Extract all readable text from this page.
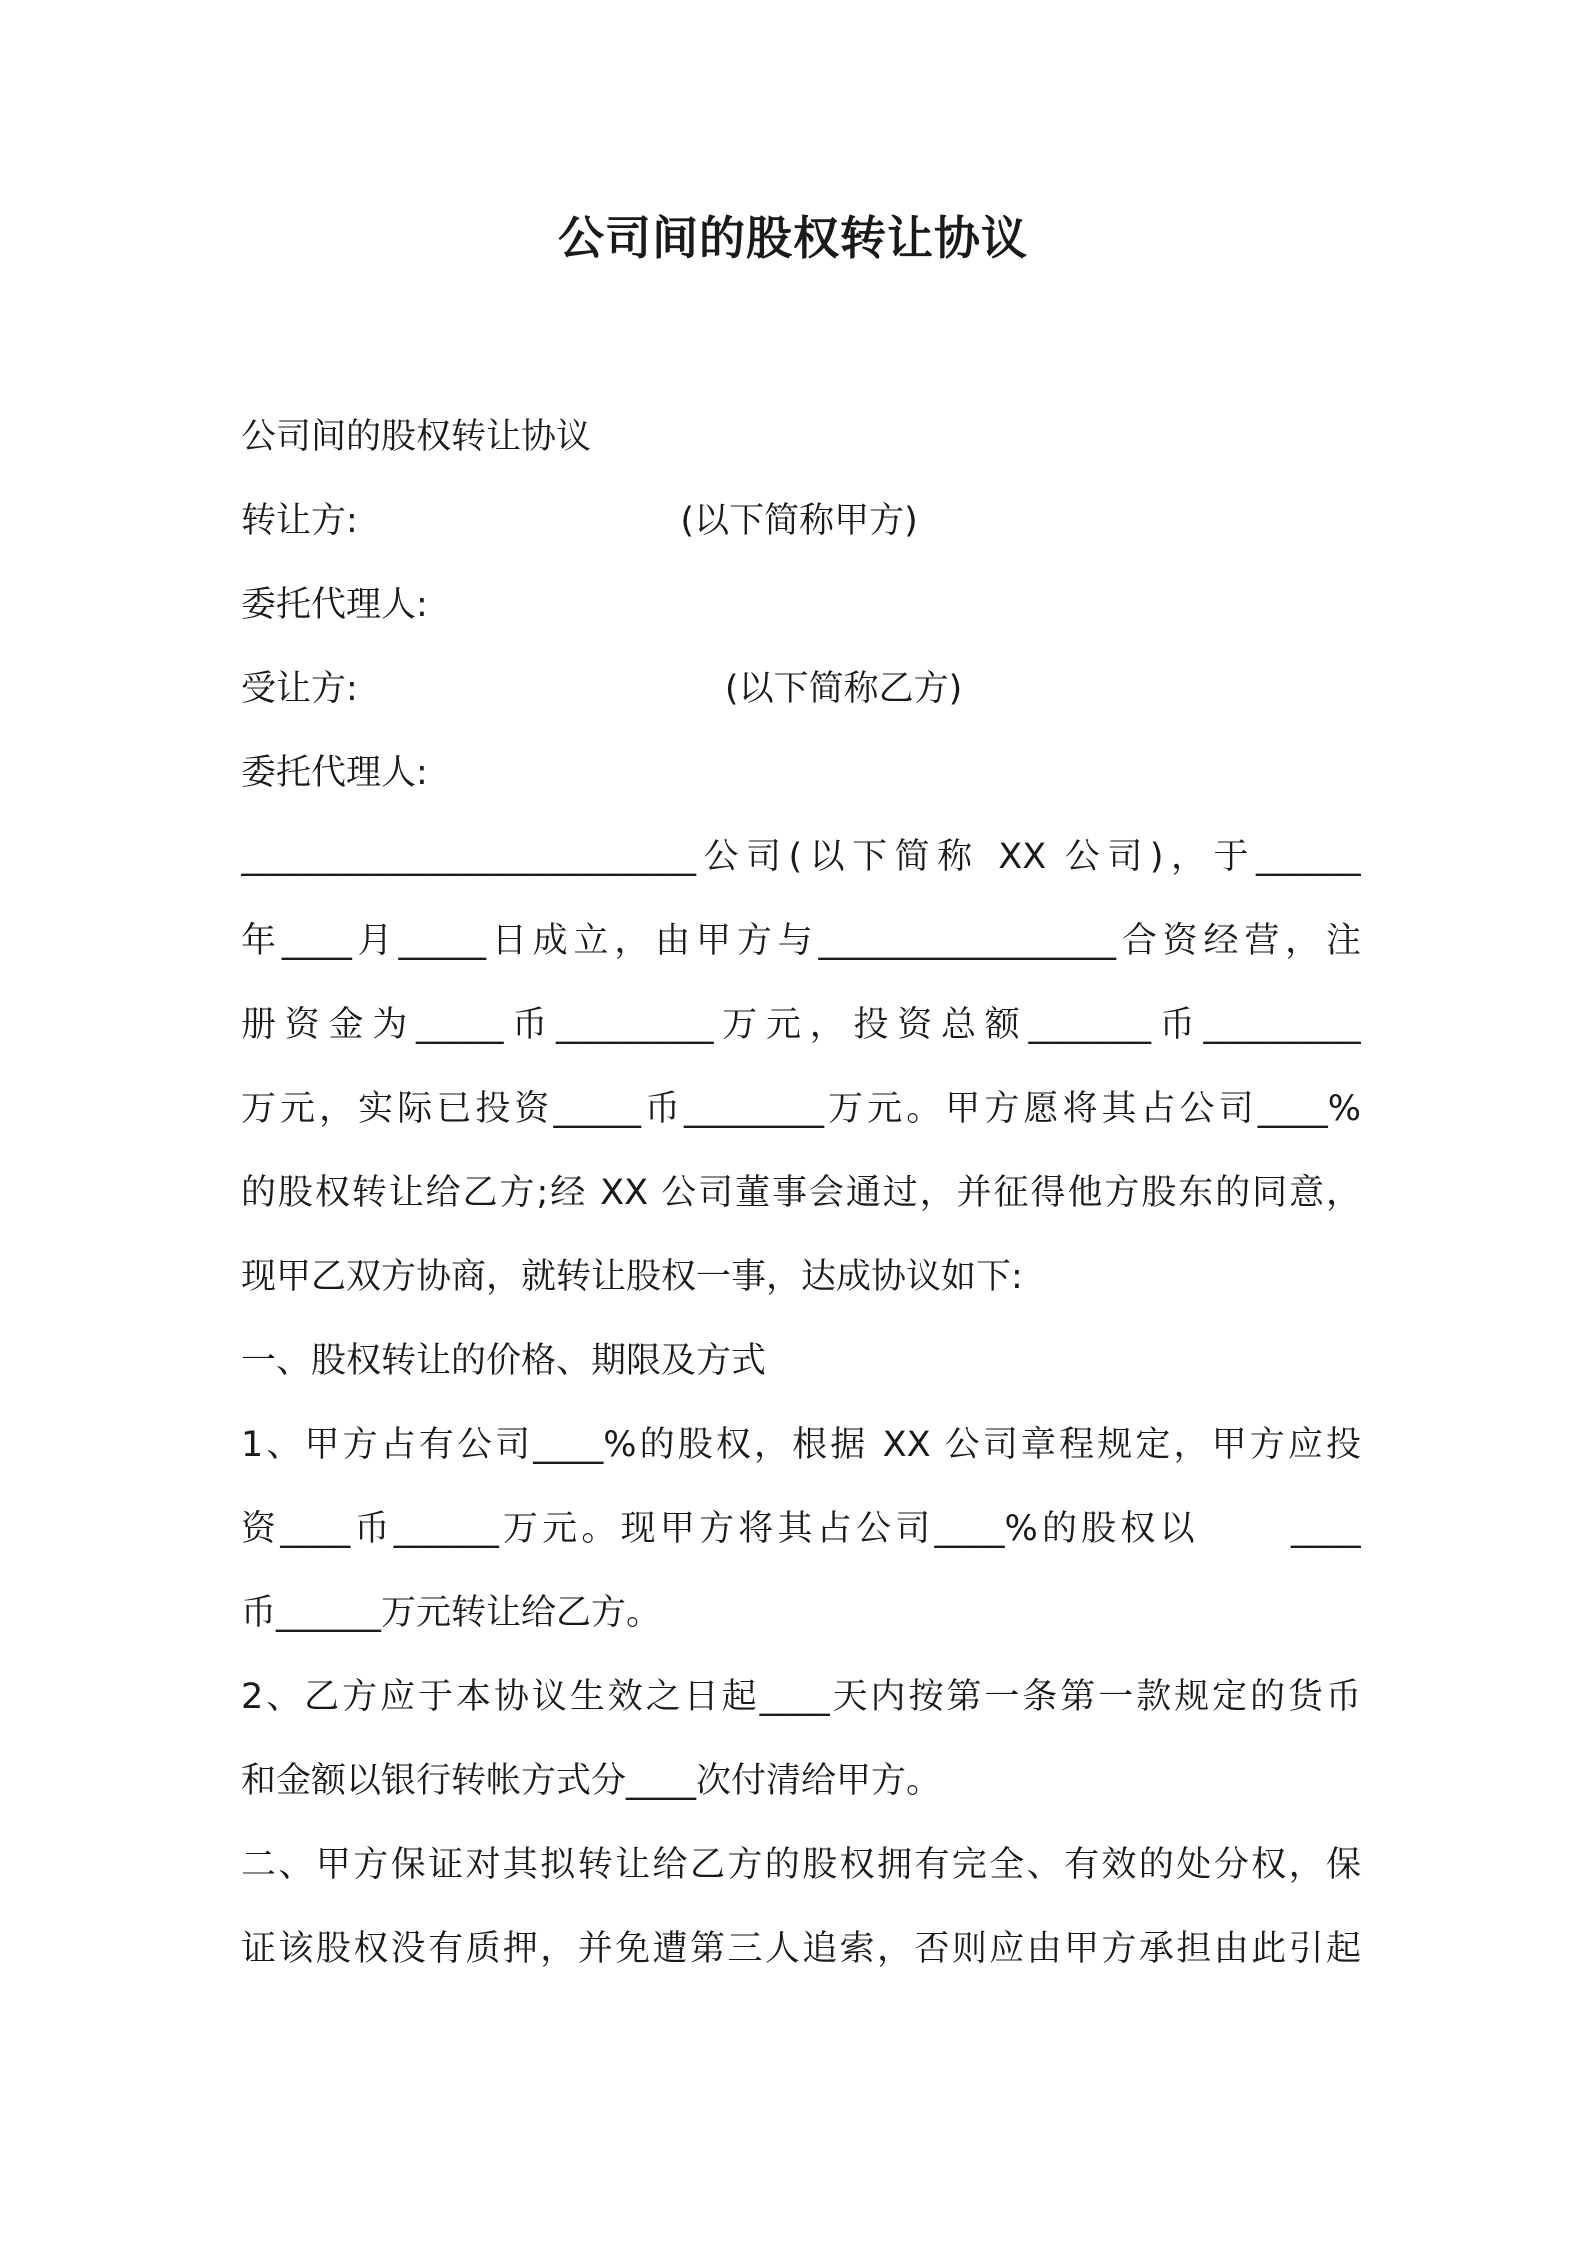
公司间的股权转让协议
公司间的股权转让协议
转让方:                             (以下简称甲方)
委托代理人:
受让方:                                 (以下简称乙方)
委托代理人:
__________________________公司(以下简称 XX 公司)，于______
年____月_____日成立，由甲方与_________________合资经营，注
册资金为_____币_________万元，投资总额_______币_________
万元，实际已投资_____币________万元。甲方愿将其占公司____%
的股权转让给乙方;经 XX 公司董事会通过，并征得他方股东的同意，
现甲乙双方协商，就转让股权一事，达成协议如下:
一、股权转让的价格、期限及方式
1、甲方占有公司____%的股权，根据 XX 公司章程规定，甲方应投
资____币______万元。现甲方将其占公司____%的股权以      ____
币______万元转让给乙方。
2、乙方应于本协议生效之日起____天内按第一条第一款规定的货币
和金额以银行转帐方式分____次付清给甲方。
二、甲方保证对其拟转让给乙方的股权拥有完全、有效的处分权，保
证该股权没有质押，并免遭第三人追索，否则应由甲方承担由此引起
